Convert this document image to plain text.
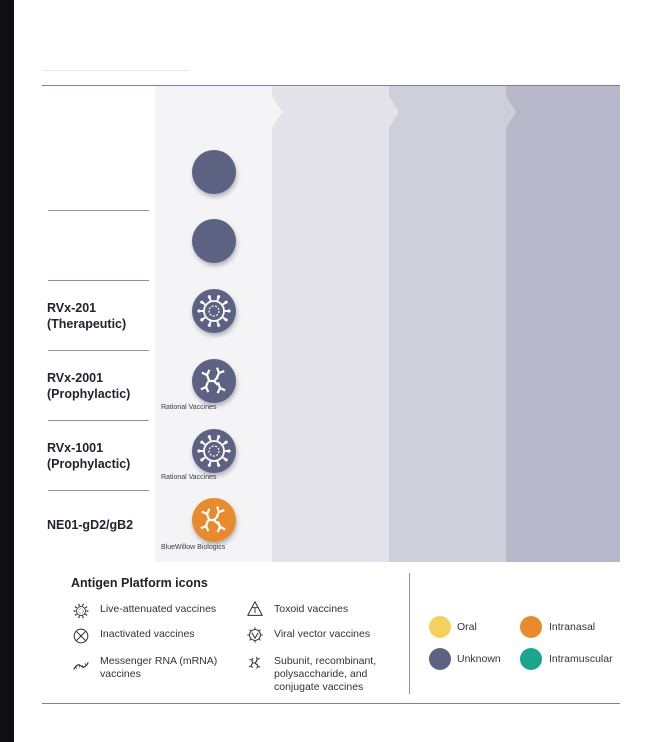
RVx-201
(Therapeutic)
RVx-2001
(Prophylactic)
RVx-1001
(Prophylactic)
NE01-gD2/gB2
Rational Vaccines
Rational Vaccines
BlueWillow Biologics
Antigen Platform icons
Live-attenuated vaccines
Inactivated vaccines
Messenger RNA (mRNA)
vaccines
Toxoid vaccines
Viral vector vaccines
Subunit, recombinant,
polysaccharide, and
conjugate vaccines
Oral	Intranasal
Unknown	Intramuscular
